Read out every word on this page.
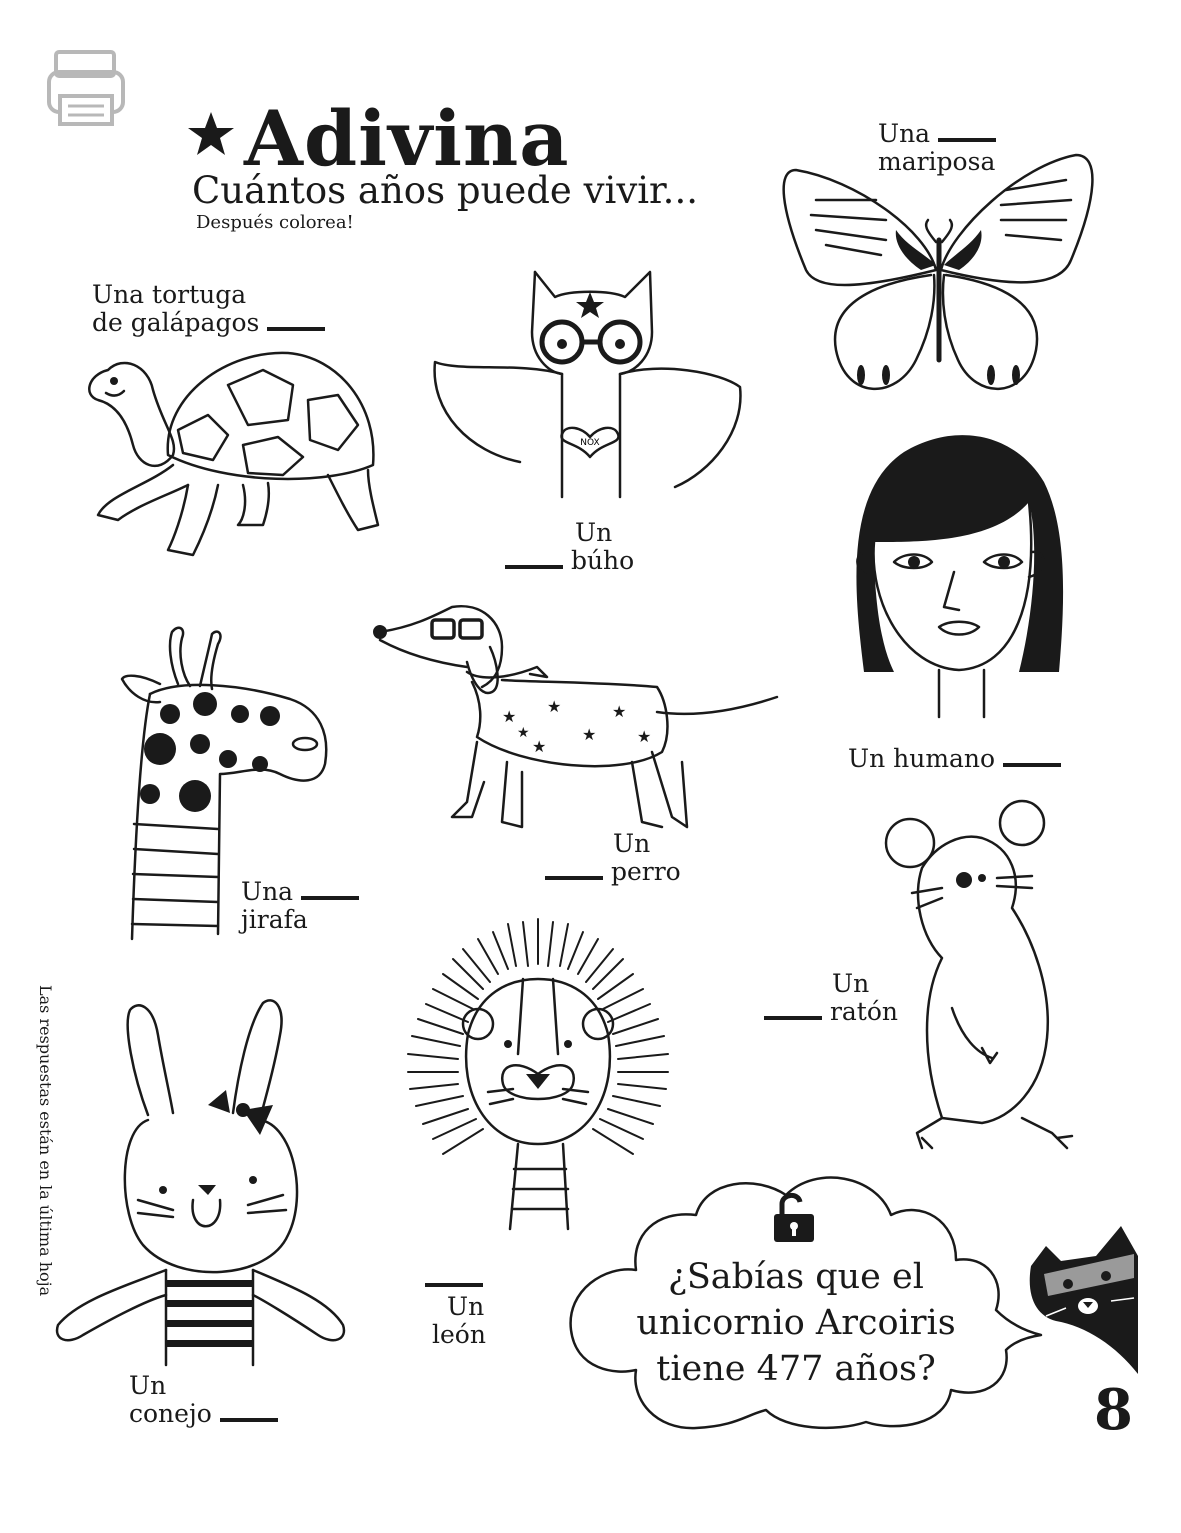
Adivina
Cuántos años puede vivir...
Después colorea!
Las respuestas están en la última hoja
Una tortuga
de galápagos
NOX
Un
búho
Una
mariposa
Un humano
Una
jirafa
★
★
★
★
★
★
★
Un
perro
Un
ratón
Un
león
Un
conejo
¿Sabías que el
unicornio Arcoiris
tiene 477 años?
8
